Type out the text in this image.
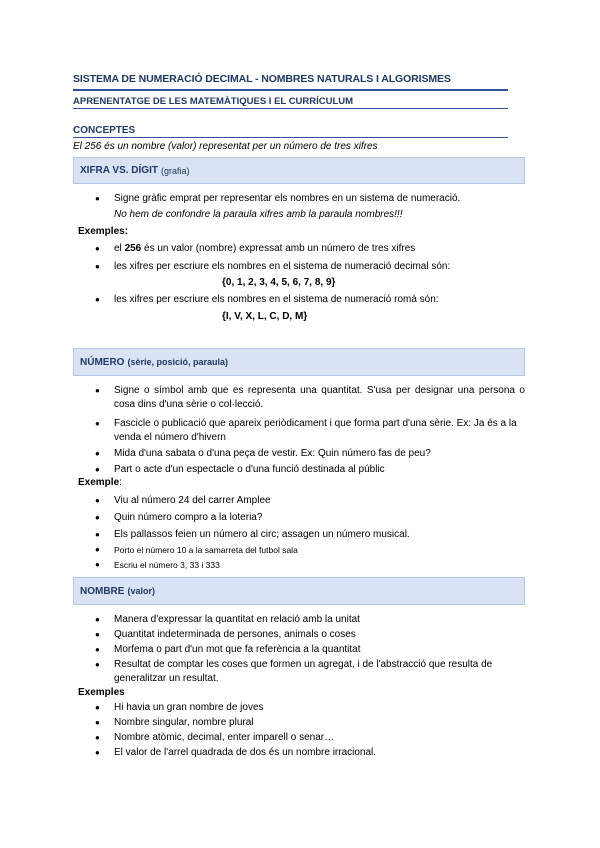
SISTEMA DE NUMERACIÓ DECIMAL - NOMBRES NATURALS I ALGORISMES
APRENENTATGE DE LES MATEMÀTIQUES I EL CURRÍCULUM
CONCEPTES
El 256 és un nombre (valor) representat per un número de tres xifres
XIFRA VS. DÍGIT (grafia)
● Signe gràfic emprat per representar els nombres en un sistema de numeració.
No hem de confondre la paraula xifres amb la paraula nombres!!!
Exemples:
● el 256 és un valor (nombre) expressat amb un número de tres xifres
● les xifres per escriure els nombres en el sistema de numeració decimal són:
{0, 1, 2, 3, 4, 5, 6, 7, 8, 9}
● les xifres per escriure els nombres en el sistema de numeració romà són:
{I, V, X, L, C, D, M}
NÚMERO (sèrie, posició, paraula)
● Signe o símbol amb que es representa una quantitat. S'usa per designar una persona o cosa dins d'una sèrie o col·lecció.
● Fascicle o publicació que apareix periòdicament i que forma part d'una sèrie. Ex: Ja és a la venda el número d'hivern
● Mida d'una sabata o d'una peça de vestir. Ex: Quin número fas de peu?
● Part o acte d'un espectacle o d'una funció destinada al públic
Exemple:
● Viu al número 24 del carrer Amplee
● Quin número compro a la loteria?
● Els pallassos feien un número al circ; assagen un número musical.
● Porto el número 10 a la samarreta del futbol sala
● Escriu el número 3, 33 i 333
NOMBRE (valor)
● Manera d'expressar la quantitat en relació amb la unitat
● Quantitat indeterminada de persones, animals o coses
● Morfema o part d'un mot que fa referència a la quantitat
● Resultat de comptar les coses que formen un agregat, i de l'abstracció que resulta de generalitzar un resultat.
Exemples
● Hi havia un gran nombre de joves
● Nombre singular, nombre plural
● Nombre atòmic, decimal, enter imparell o senar…
● El valor de l'arrel quadrada de dos és un nombre irracional.
